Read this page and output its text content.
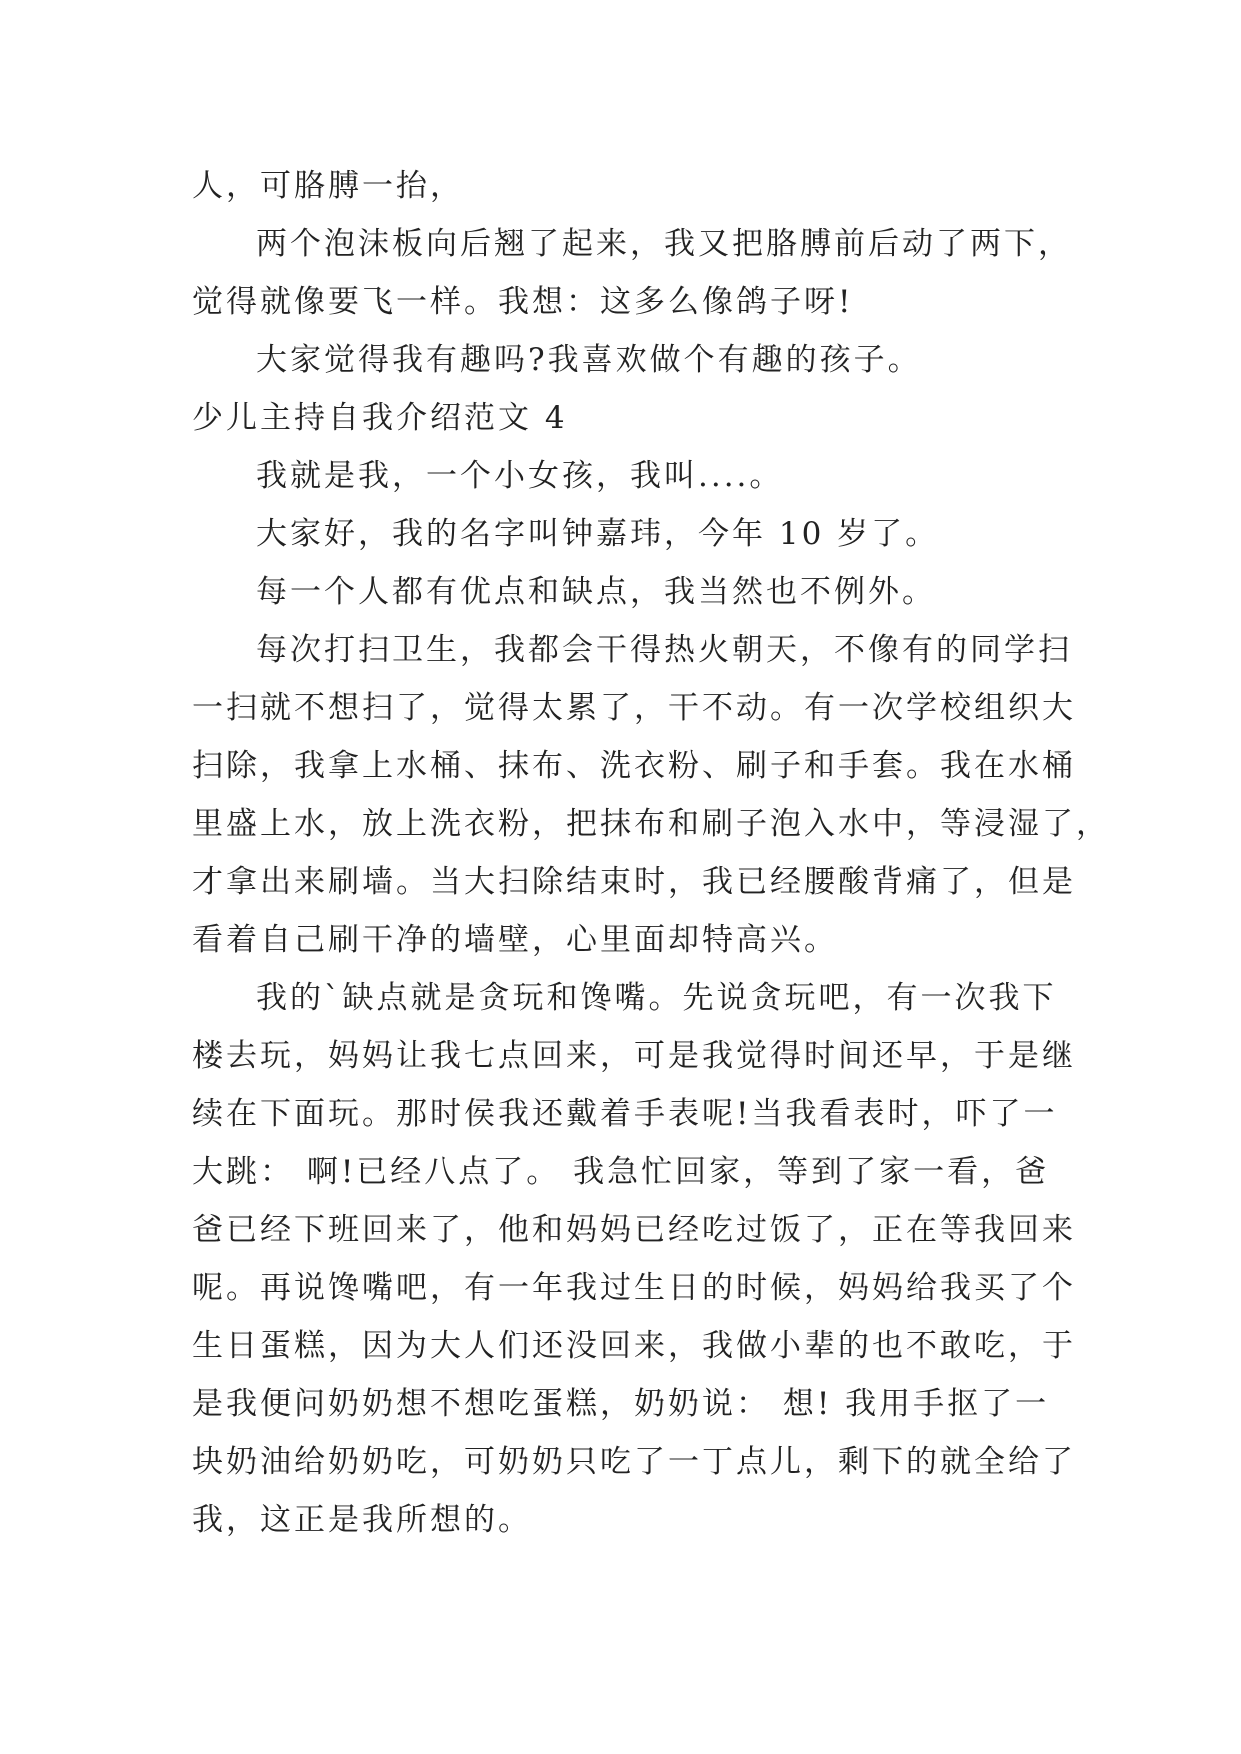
人，可胳膊一抬，
两个泡沫板向后翘了起来，我又把胳膊前后动了两下，
觉得就像要飞一样。我想：这多么像鸽子呀!
大家觉得我有趣吗?我喜欢做个有趣的孩子。
少儿主持自我介绍范文 4
我就是我，一个小女孩，我叫....。
大家好，我的名字叫钟嘉玮，今年 10 岁了。
每一个人都有优点和缺点，我当然也不例外。
每次打扫卫生，我都会干得热火朝天，不像有的同学扫
一扫就不想扫了，觉得太累了，干不动。有一次学校组织大
扫除，我拿上水桶、抹布、洗衣粉、刷子和手套。我在水桶
里盛上水，放上洗衣粉，把抹布和刷子泡入水中，等浸湿了，
才拿出来刷墙。当大扫除结束时，我已经腰酸背痛了，但是
看着自己刷干净的墙壁，心里面却特高兴。
我的`缺点就是贪玩和馋嘴。先说贪玩吧，有一次我下
楼去玩，妈妈让我七点回来，可是我觉得时间还早，于是继
续在下面玩。那时侯我还戴着手表呢!当我看表时，吓了一
大跳： 啊!已经八点了。 我急忙回家，等到了家一看，爸
爸已经下班回来了，他和妈妈已经吃过饭了，正在等我回来
呢。再说馋嘴吧，有一年我过生日的时候，妈妈给我买了个
生日蛋糕，因为大人们还没回来，我做小辈的也不敢吃，于
是我便问奶奶想不想吃蛋糕，奶奶说： 想! 我用手抠了一
块奶油给奶奶吃，可奶奶只吃了一丁点儿，剩下的就全给了
我，这正是我所想的。
